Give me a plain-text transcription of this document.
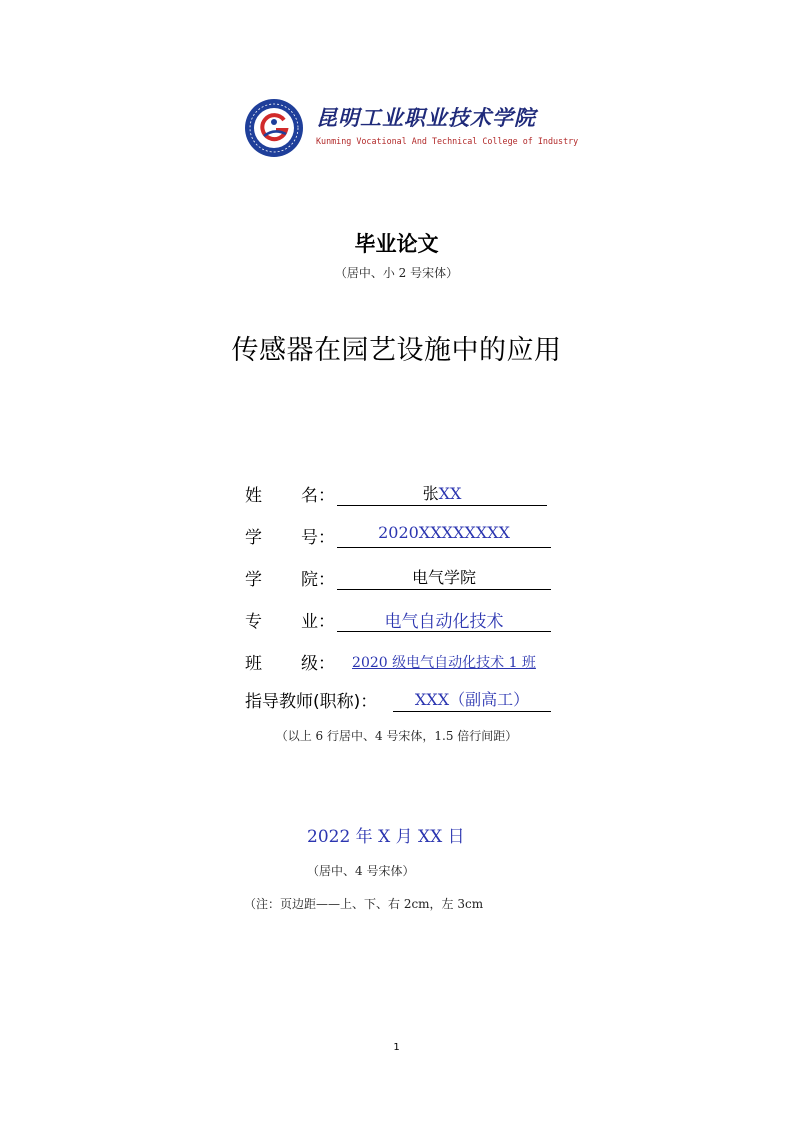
昆明工业职业技术学院
Kunming Vocational And Technical College of Industry
毕业论文
（居中、小 2 号宋体）
传感器在园艺设施中的应用
姓 名：	张XX
学 号：	2020XXXXXXXX
学 院：	电气学院
专 业：	电气自动化技术
班 级：	2020 级电气自动化技术 1 班
指导教师(职称)：	XXX（副高工）
（以上 6 行居中、4 号宋体，1.5 倍行间距）
2022 年 X 月 XX 日
（居中、4 号宋体）
（注：页边距——上、下、右 2cm，左 3cm
1
